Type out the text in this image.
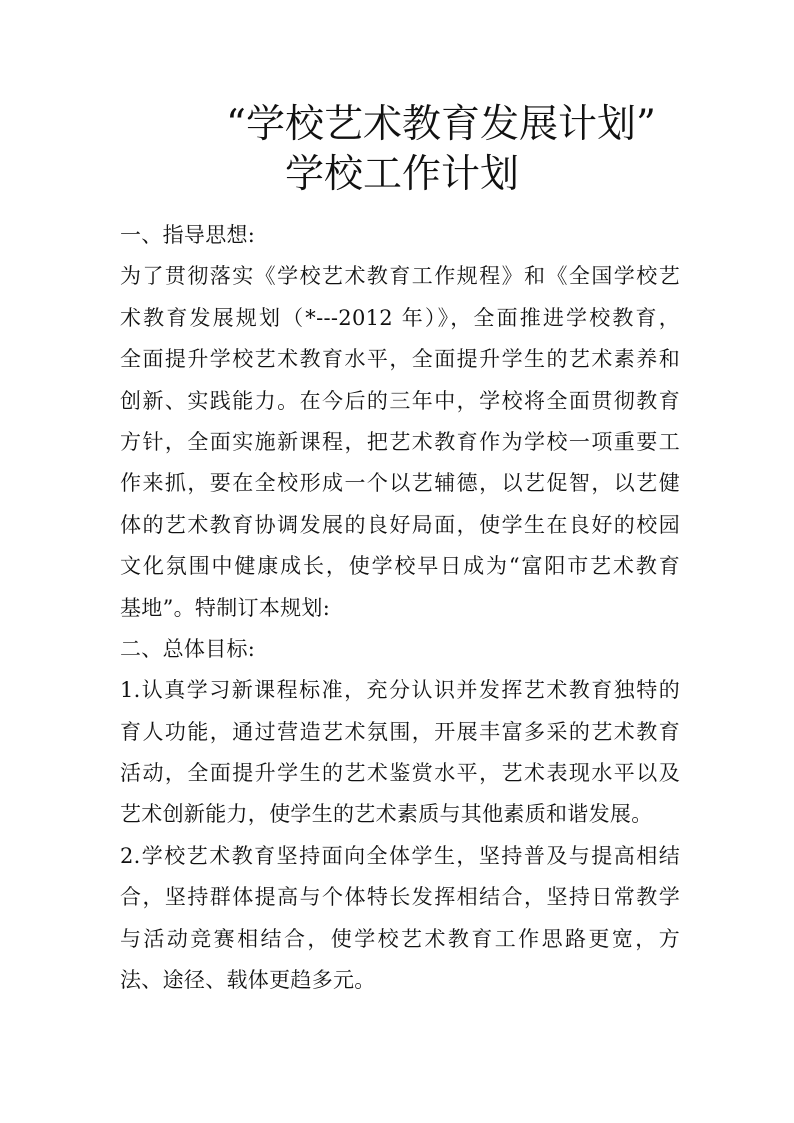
“学校艺术教育发展计划”
学校工作计划
一、指导思想:
为了贯彻落实《学校艺术教育工作规程》和《全国学校艺
术教育发展规划（*---2012 年）》，全面推进学校教育，
全面提升学校艺术教育水平，全面提升学生的艺术素养和
创新、实践能力。在今后的三年中，学校将全面贯彻教育
方针，全面实施新课程，把艺术教育作为学校一项重要工
作来抓，要在全校形成一个以艺辅德，以艺促智，以艺健
体的艺术教育协调发展的良好局面，使学生在良好的校园
文化氛围中健康成长，使学校早日成为“富阳市艺术教育
基地”。特制订本规划:
二、总体目标:
1.认真学习新课程标准，充分认识并发挥艺术教育独特的
育人功能，通过营造艺术氛围，开展丰富多采的艺术教育
活动，全面提升学生的艺术鉴赏水平，艺术表现水平以及
艺术创新能力，使学生的艺术素质与其他素质和谐发展。
2.学校艺术教育坚持面向全体学生，坚持普及与提高相结
合，坚持群体提高与个体特长发挥相结合，坚持日常教学
与活动竞赛相结合，使学校艺术教育工作思路更宽，方
法、途径、载体更趋多元。
